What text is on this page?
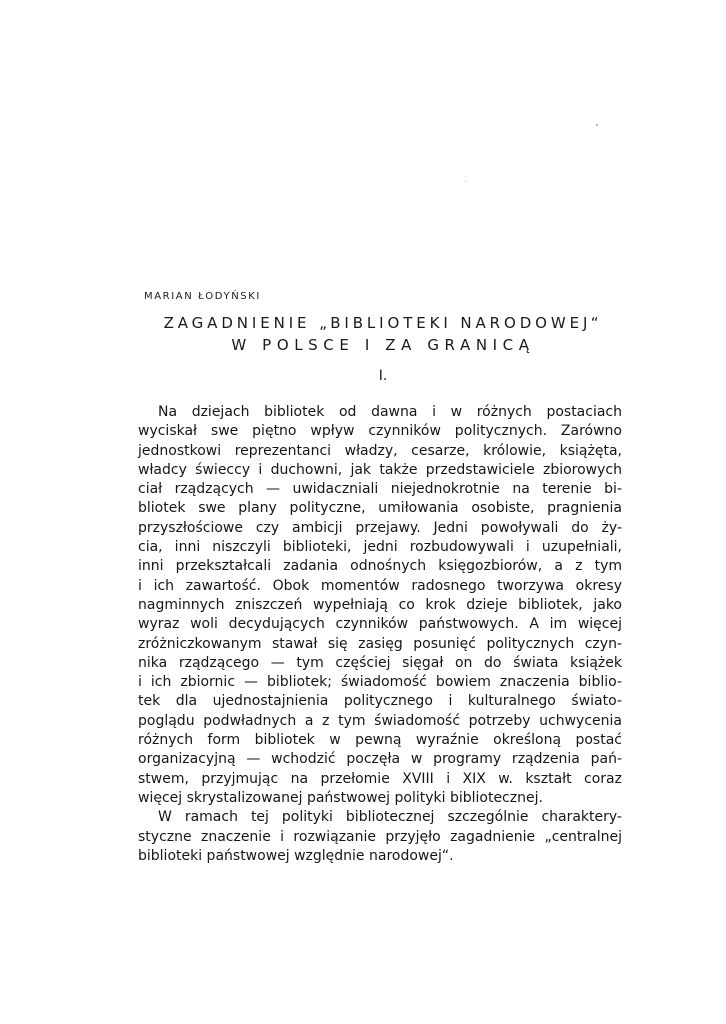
MARIAN ŁODYŃSKI
ZAGADNIENIE „BIBLIOTEKI NARODOWEJ“
W POLSCE I ZA GRANICĄ
I.
Na dziejach bibliotek od dawna i w różnych postaciach
wyciskał swe piętno wpływ czynników politycznych. Zarówno
jednostkowi reprezentanci władzy, cesarze, królowie, książęta,
władcy świeccy i duchowni, jak także przedstawiciele zbiorowych
ciał rządzących — uwidaczniali niejednokrotnie na terenie bi-
bliotek swe plany polityczne, umiłowania osobiste, pragnienia
przyszłościowe czy ambicji przejawy. Jedni powoływali do ży-
cia, inni niszczyli biblioteki, jedni rozbudowywali i uzupełniali,
inni przekształcali zadania odnośnych księgozbiorów, a z tym
i ich zawartość. Obok momentów radosnego tworzywa okresy
nagminnych zniszczeń wypełniają co krok dzieje bibliotek, jako
wyraz woli decydujących czynników państwowych. A im więcej
zróżniczkowanym stawał się zasięg posunięć politycznych czyn-
nika rządzącego — tym częściej sięgał on do świata książek
i ich zbiornic — bibliotek; świadomość bowiem znaczenia biblio-
tek dla ujednostajnienia politycznego i kulturalnego świato-
poglądu podwładnych a z tym świadomość potrzeby uchwycenia
różnych form bibliotek w pewną wyraźnie określoną postać
organizacyjną — wchodzić poczęła w programy rządzenia pań-
stwem, przyjmując na przełomie XVIII i XIX w. kształt coraz
więcej skrystalizowanej państwowej polityki bibliotecznej.
W ramach tej polityki bibliotecznej szczególnie charaktery-
styczne znaczenie i rozwiązanie przyjęło zagadnienie „centralnej
biblioteki państwowej względnie narodowej“.
